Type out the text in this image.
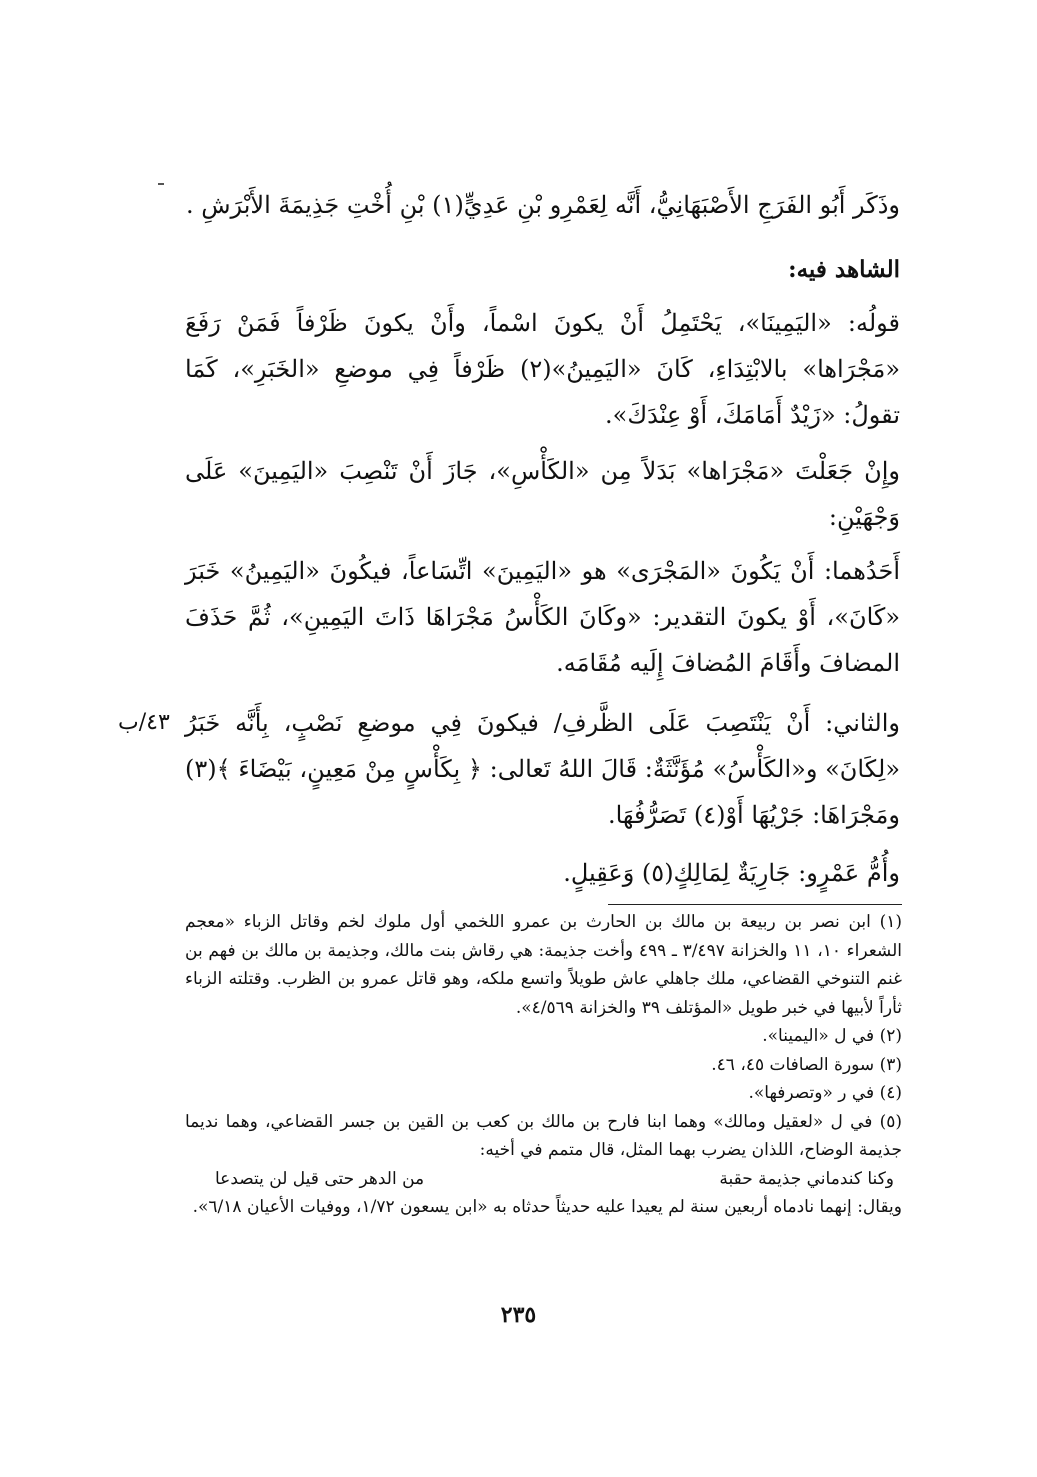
وذَكَر أَبُو الفَرَجِ الأَصْبَهَانِيُّ، أَنَّه لِعَمْرِو بْنِ عَدِيٍّ(١) بْنِ أُخْتِ جَذِيمَةَ الأَبْرَشِ .
الشاهد فيه:
قولُه: «اليَمِينَا»، يَحْتَمِلُ أَنْ يكونَ اسْماً، وأَنْ يكونَ ظَرْفاً فَمَنْ رَفَعَ «مَجْرَاها» بالابْتِدَاءِ، كَانَ «اليَمِينُ»(٢) ظَرْفاً فِي موضعِ «الخَبَرِ»، كَمَا تقولُ: «زَيْدٌ أَمَامَكَ، أَوْ عِنْدَكَ».
وإِنْ جَعَلْتَ «مَجْرَاها» بَدَلاً مِن «الكَأْسِ»، جَازَ أَنْ تَنْصِبَ «اليَمِينَ» عَلَى وَجْهَيْنِ:
أَحَدُهما: أَنْ يَكُونَ «المَجْرَى» هو «اليَمِينَ» اتِّسَاعاً، فيكُونَ «اليَمِينُ» خَبَرَ «كَانَ»، أَوْ يكونَ التقدير: «وكَانَ الكَأْسُ مَجْرَاهَا ذَاتَ اليَمِينِ»، ثُمَّ حَذَفَ المضافَ وأَقَامَ المُضافَ إِلَيه مُقَامَه.
والثاني: أَنْ يَنْتَصِبَ عَلَى الظَّرفِ/ فيكونَ فِي موضعِ نَصْبٍ، بِأَنَّه خَبَرُ «لِكَانَ» و«الكَأْسُ» مُؤَنَّثَةٌ: قَالَ اللهُ تَعالى: ﴿ بِكَأْسٍ مِنْ مَعِينٍ، بَيْضَاءَ ﴾(٣) ومَجْرَاهَا: جَرْيُهَا أَوْ(٤) تَصَرُّفُهَا.
٤٣/ب
وأُمُّ عَمْرٍو: جَارِيَةٌ لِمَالِكٍ(٥) وَعَقِيلٍ.

(١) ابن نصر بن ربيعة بن مالك بن الحارث بن عمرو اللخمي أول ملوك لخم وقاتل الزباء «معجم الشعراء ١٠، ١١ والخزانة ٣/٤٩٧ ـ ٤٩٩ وأخت جذيمة: هي رقاش بنت مالك، وجذيمة بن مالك بن فهم بن غنم التنوخي القضاعي، ملك جاهلي عاش طويلاً واتسع ملكه، وهو قاتل عمرو بن الظرب. وقتلته الزباء ثأراً لأبيها في خبر طويل «المؤتلف ٣٩ والخزانة ٤/٥٦٩».

(٢) في ل «اليمينا».

(٣) سورة الصافات ٤٥، ٤٦.

(٤) في ر «وتصرفها».

(٥) في ل «لعقيل ومالك» وهما ابنا فارح بن مالك بن كعب بن القين بن جسر القضاعي، وهما نديما جذيمة الوضاح، اللذان يضرب بهما المثل، قال متمم في أخيه:

وكنا كندماني جذيمة حقبة
من الدهر حتى قيل لن يتصدعا

ويقال: إنهما نادماه أربعين سنة لم يعيدا عليه حديثاً حدثاه به «ابن يسعون ١/٧٢، ووفيات الأعيان ٦/١٨».

٢٣٥
